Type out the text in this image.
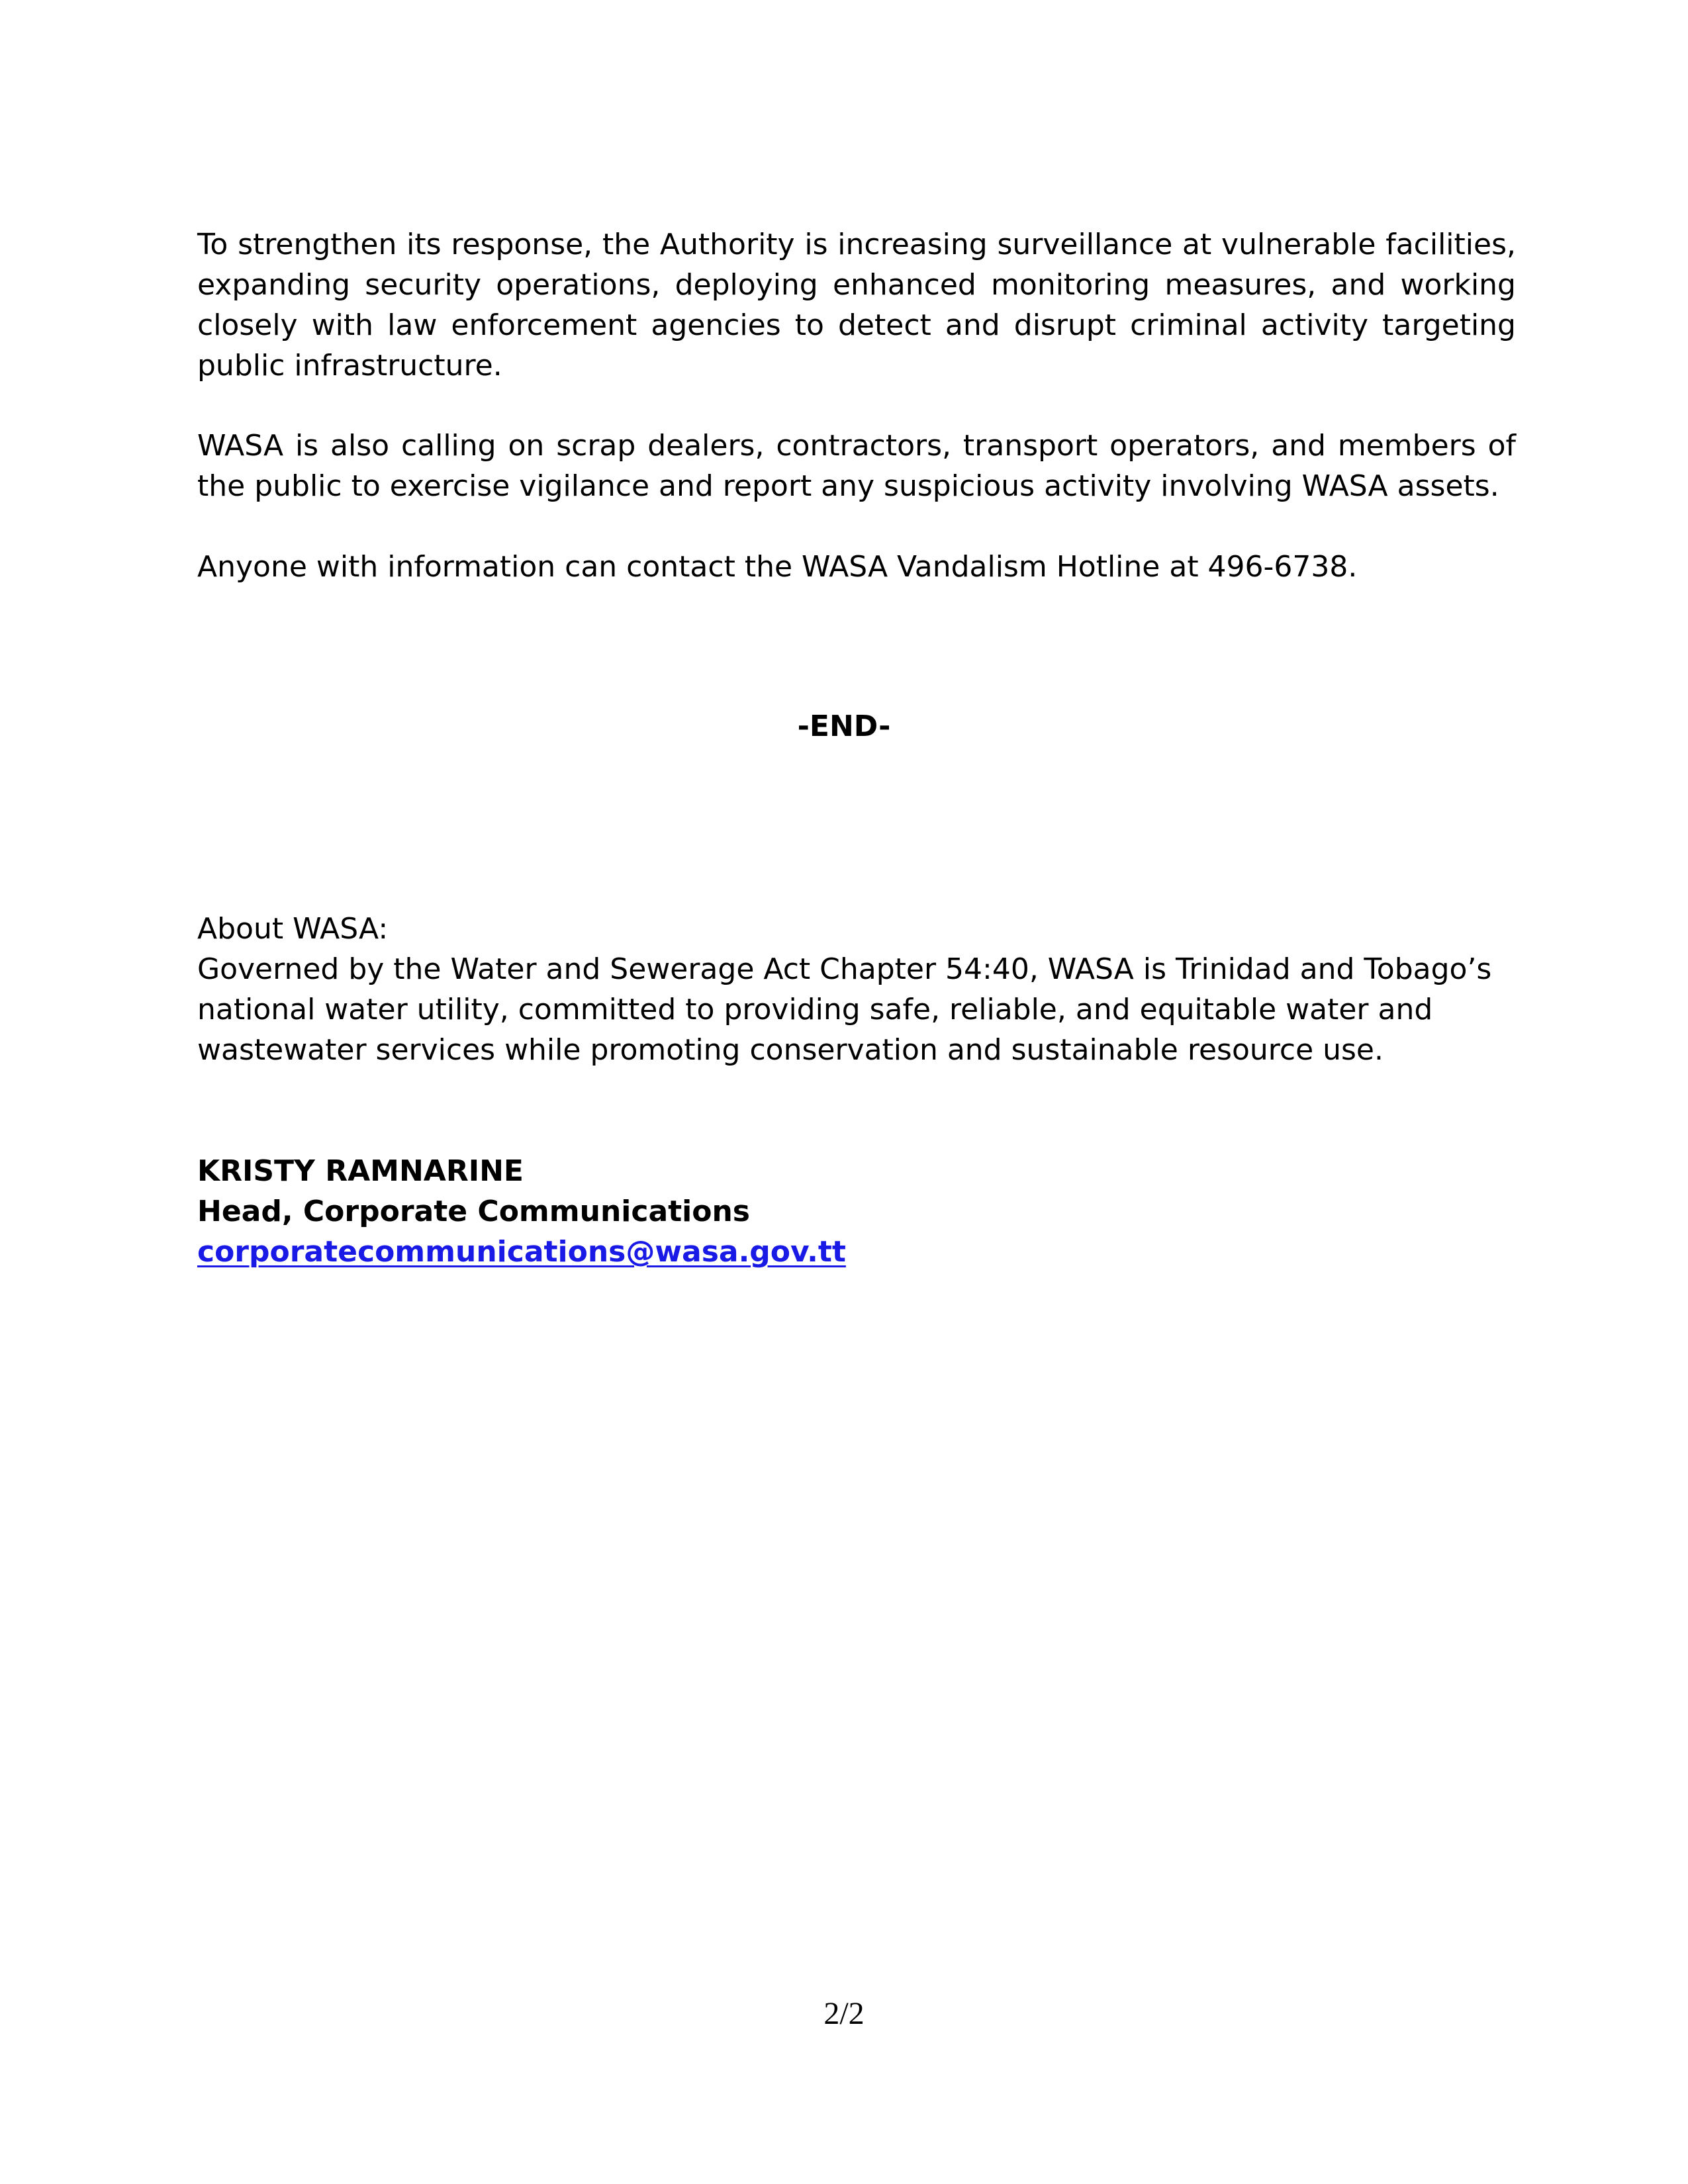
To strengthen its response, the Authority is increasing surveillance at vulnerable facilities, expanding security operations, deploying enhanced monitoring measures, and working closely with law enforcement agencies to detect and disrupt criminal activity targeting public infrastructure.

WASA is also calling on scrap dealers, contractors, transport operators, and members of the public to exercise vigilance and report any suspicious activity involving WASA assets.

Anyone with information can contact the WASA Vandalism Hotline at 496-6738.

-END-

About WASA:

Governed by the Water and Sewerage Act Chapter 54:40, WASA is Trinidad and Tobago’s national water utility, committed to providing safe, reliable, and equitable water and wastewater services while promoting conservation and sustainable resource use.

KRISTY RAMNARINE

Head, Corporate Communications

corporatecommunications@wasa.gov.tt

2/2
